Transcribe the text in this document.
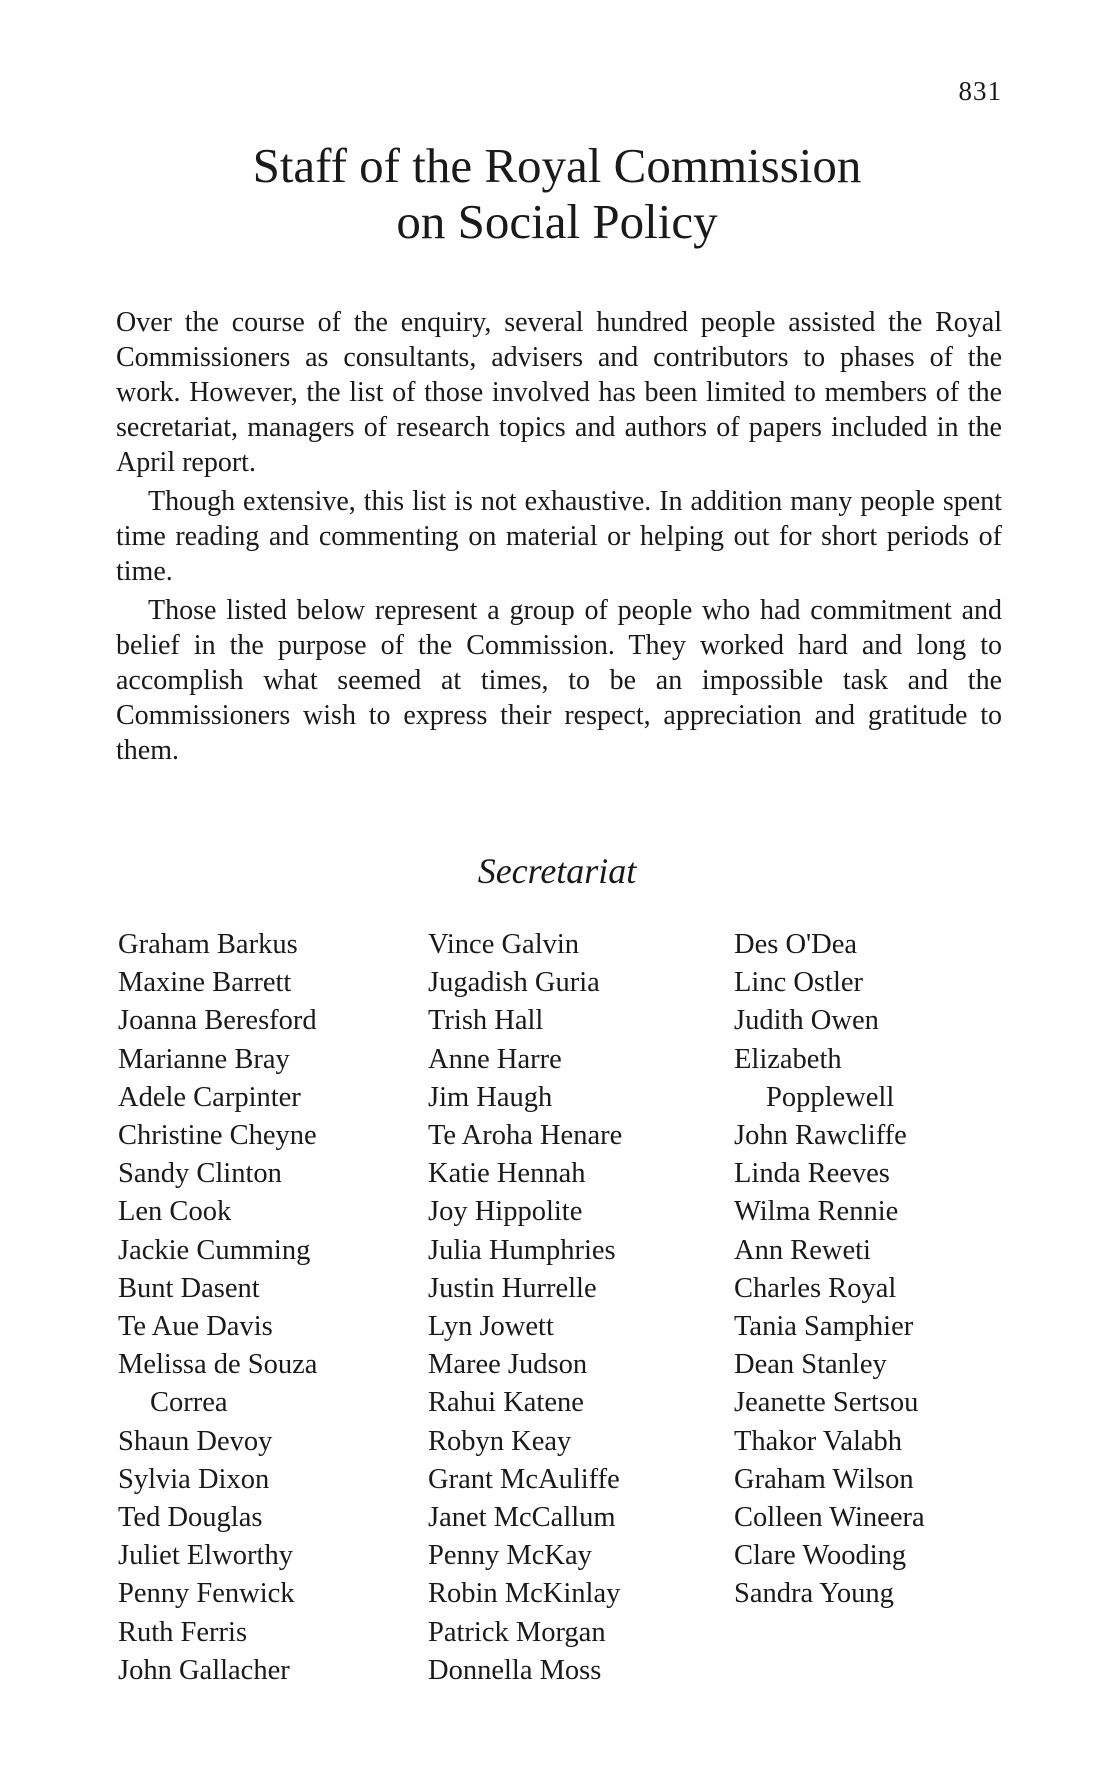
831
Staff of the Royal Commission
on Social Policy

Over the course of the enquiry, several hundred people assisted the Royal Commissioners as consultants, advisers and contributors to phases of the work. However, the list of those involved has been limited to members of the secretariat, managers of research topics and authors of papers included in the April report.

Though extensive, this list is not exhaustive. In addition many people spent time reading and commenting on material or helping out for short periods of time.

Those listed below represent a group of people who had commitment and belief in the purpose of the Commission. They worked hard and long to accomplish what seemed at times, to be an impossible task and the Commissioners wish to express their respect, appreciation and gratitude to them.

Secretariat
Graham Barkus
Maxine Barrett
Joanna Beresford
Marianne Bray
Adele Carpinter
Christine Cheyne
Sandy Clinton
Len Cook
Jackie Cumming
Bunt Dasent
Te Aue Davis
Melissa de Souza
Correa
Shaun Devoy
Sylvia Dixon
Ted Douglas
Juliet Elworthy
Penny Fenwick
Ruth Ferris
John Gallacher
Vince Galvin
Jugadish Guria
Trish Hall
Anne Harre
Jim Haugh
Te Aroha Henare
Katie Hennah
Joy Hippolite
Julia Humphries
Justin Hurrelle
Lyn Jowett
Maree Judson
Rahui Katene
Robyn Keay
Grant McAuliffe
Janet McCallum
Penny McKay
Robin McKinlay
Patrick Morgan
Donnella Moss
Des O'Dea
Linc Ostler
Judith Owen
Elizabeth
Popplewell
John Rawcliffe
Linda Reeves
Wilma Rennie
Ann Reweti
Charles Royal
Tania Samphier
Dean Stanley
Jeanette Sertsou
Thakor Valabh
Graham Wilson
Colleen Wineera
Clare Wooding
Sandra Young
